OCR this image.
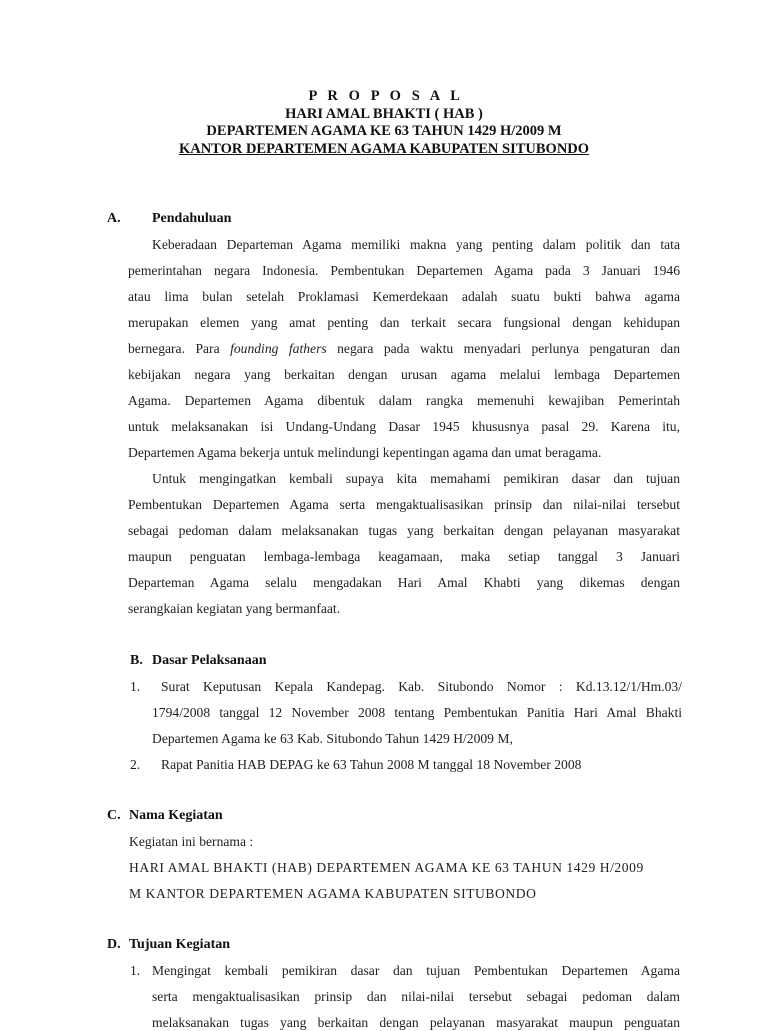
P R O P O S A L
HARI AMAL BHAKTI ( HAB )
DEPARTEMEN AGAMA KE 63 TAHUN 1429 H/2009 M
KANTOR DEPARTEMEN AGAMA KABUPATEN SITUBONDO
A. Pendahuluan
Keberadaan Departeman Agama memiliki makna yang penting dalam politik dan tata
pemerintahan negara Indonesia. Pembentukan Departemen Agama pada 3 Januari 1946
atau lima bulan setelah Proklamasi Kemerdekaan adalah suatu bukti bahwa agama
merupakan elemen yang amat penting dan terkait secara fungsional dengan kehidupan
bernegara. Para founding fathers negara pada waktu menyadari perlunya pengaturan dan
kebijakan negara yang berkaitan dengan urusan agama melalui lembaga Departemen
Agama. Departemen Agama dibentuk dalam rangka memenuhi kewajiban Pemerintah
untuk melaksanakan isi Undang-Undang Dasar 1945 khususnya pasal 29. Karena itu,
Departemen Agama bekerja untuk melindungi kepentingan agama dan umat beragama.
Untuk mengingatkan kembali supaya kita memahami pemikiran dasar dan tujuan
Pembentukan Departemen Agama serta mengaktualisasikan prinsip dan nilai-nilai tersebut
sebagai pedoman dalam melaksanakan tugas yang berkaitan dengan pelayanan masyarakat
maupun penguatan lembaga-lembaga keagamaan, maka setiap tanggal 3 Januari
Departeman Agama selalu mengadakan Hari Amal Khabti yang dikemas dengan
serangkaian kegiatan yang bermanfaat.
B. Dasar Pelaksanaan
1. Surat Keputusan Kepala Kandepag. Kab. Situbondo Nomor : Kd.13.12/1/Hm.03/
1794/2008 tanggal 12 November 2008 tentang Pembentukan Panitia Hari Amal Bhakti
Departemen Agama ke 63 Kab. Situbondo Tahun 1429 H/2009 M,
2. Rapat Panitia HAB DEPAG ke 63 Tahun 2008 M tanggal 18 November 2008
C. Nama Kegiatan
Kegiatan ini bernama :
HARI AMAL BHAKTI (HAB) DEPARTEMEN AGAMA KE 63 TAHUN 1429 H/2009
M KANTOR DEPARTEMEN AGAMA KABUPATEN SITUBONDO
D. Tujuan Kegiatan
1. Mengingat kembali pemikiran dasar dan tujuan Pembentukan Departemen Agama
serta mengaktualisasikan prinsip dan nilai-nilai tersebut sebagai pedoman dalam
melaksanakan tugas yang berkaitan dengan pelayanan masyarakat maupun penguatan
